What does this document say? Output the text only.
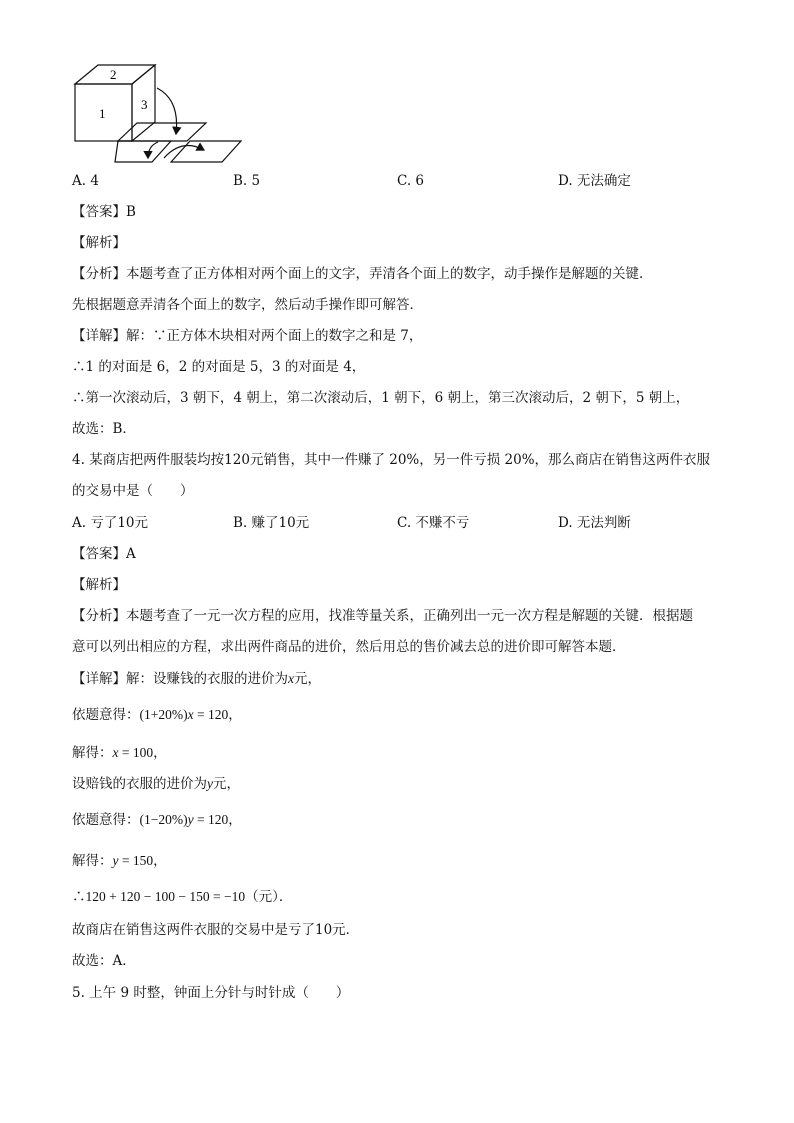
2
1
3
A. 4	B. 5	C. 6	D. 无法确定
【答案】B
【解析】
【分析】本题考查了正方体相对两个面上的文字，弄清各个面上的数字，动手操作是解题的关键．
先根据题意弄清各个面上的数字，然后动手操作即可解答．
【详解】解：∵正方体木块相对两个面上的数字之和是 7，
∴1 的对面是 6，2 的对面是 5，3 的对面是 4，
∴第一次滚动后，3 朝下，4 朝上，第二次滚动后，1 朝下，6 朝上，第三次滚动后，2 朝下，5 朝上，
故选：B．
4. 某商店把两件服装均按120元销售，其中一件赚了 20%，另一件亏损 20%，那么商店在销售这两件衣服
的交易中是（　　）
A. 亏了10元	B. 赚了10元	C. 不赚不亏	D. 无法判断
【答案】A
【解析】
【分析】本题考查了一元一次方程的应用，找准等量关系，正确列出一元一次方程是解题的关键．根据题
意可以列出相应的方程，求出两件商品的进价，然后用总的售价减去总的进价即可解答本题．
【详解】解：设赚钱的衣服的进价为x元，
依题意得：(1+20%)x = 120，
解得：x = 100，
设赔钱的衣服的进价为y元，
依题意得：(1−20%)y = 120，
解得：y = 150，
∴120 + 120 − 100 − 150 = −10（元）．
故商店在销售这两件衣服的交易中是亏了10元．
故选：A．
5. 上午 9 时整，钟面上分针与时针成（　　）
